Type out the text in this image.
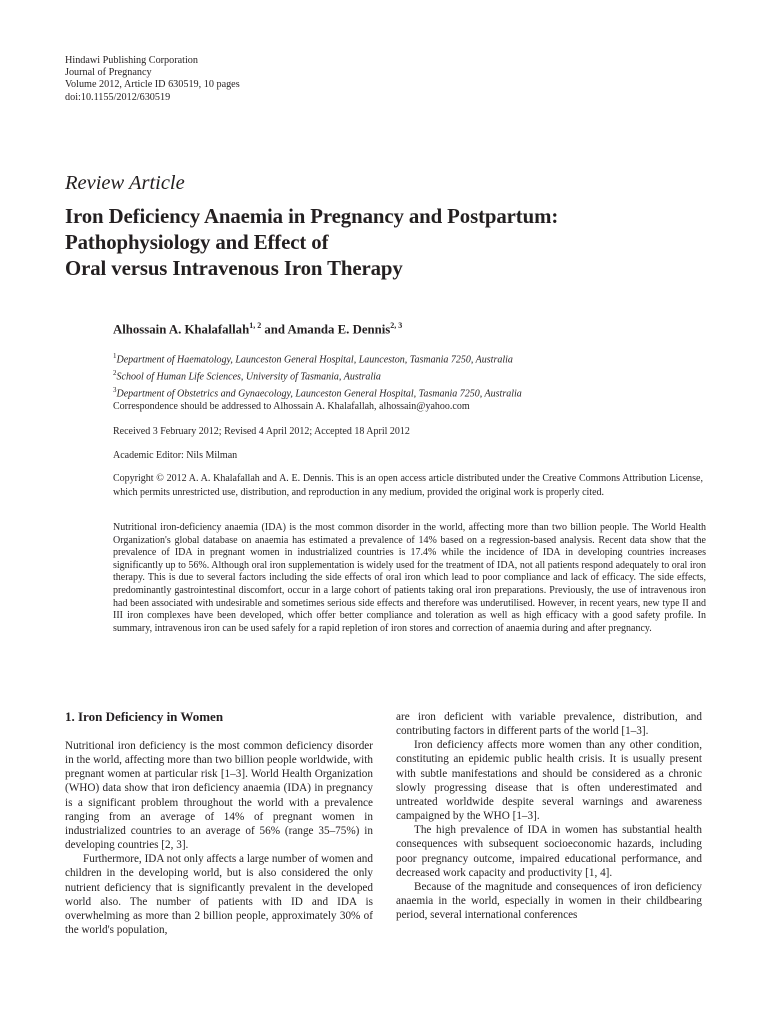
Hindawi Publishing Corporation
Journal of Pregnancy
Volume 2012, Article ID 630519, 10 pages
doi:10.1155/2012/630519
Review Article
Iron Deficiency Anaemia in Pregnancy and Postpartum:
Pathophysiology and Effect of
Oral versus Intravenous Iron Therapy
Alhossain A. Khalafallah$^{1, 2}$ and Amanda E. Dennis$^{2, 3}$
$^1$Department of Haematology, Launceston General Hospital, Launceston, Tasmania 7250, Australia
$^2$School of Human Life Sciences, University of Tasmania, Australia
$^3$Department of Obstetrics and Gynaecology, Launceston General Hospital, Tasmania 7250, Australia
Correspondence should be addressed to Alhossain A. Khalafallah, alhossain@yahoo.com
Received 3 February 2012; Revised 4 April 2012; Accepted 18 April 2012
Academic Editor: Nils Milman
Copyright © 2012 A. A. Khalafallah and A. E. Dennis. This is an open access article distributed under the Creative Commons Attribution License, which permits unrestricted use, distribution, and reproduction in any medium, provided the original work is properly cited.
Nutritional iron-deficiency anaemia (IDA) is the most common disorder in the world, affecting more than two billion people. The World Health Organization's global database on anaemia has estimated a prevalence of 14% based on a regression-based analysis. Recent data show that the prevalence of IDA in pregnant women in industrialized countries is 17.4% while the incidence of IDA in developing countries increases significantly up to 56%. Although oral iron supplementation is widely used for the treatment of IDA, not all patients respond adequately to oral iron therapy. This is due to several factors including the side effects of oral iron which lead to poor compliance and lack of efficacy. The side effects, predominantly gastrointestinal discomfort, occur in a large cohort of patients taking oral iron preparations. Previously, the use of intravenous iron had been associated with undesirable and sometimes serious side effects and therefore was underutilised. However, in recent years, new type II and III iron complexes have been developed, which offer better compliance and toleration as well as high efficacy with a good safety profile. In summary, intravenous iron can be used safely for a rapid repletion of iron stores and correction of anaemia during and after pregnancy.
1. Iron Deficiency in Women

Nutritional iron deficiency is the most common deficiency disorder in the world, affecting more than two billion people worldwide, with pregnant women at particular risk [1–3]. World Health Organization (WHO) data show that iron deficiency anaemia (IDA) in pregnancy is a significant problem throughout the world with a prevalence ranging from an average of 14% of pregnant women in industrialized countries to an average of 56% (range 35–75%) in developing countries [2, 3].

Furthermore, IDA not only affects a large number of women and children in the developing world, but is also considered the only nutrient deficiency that is significantly prevalent in the developed world also. The number of patients with ID and IDA is overwhelming as more than 2 billion people, approximately 30% of the world's population,

are iron deficient with variable prevalence, distribution, and contributing factors in different parts of the world [1–3].

Iron deficiency affects more women than any other condition, constituting an epidemic public health crisis. It is usually present with subtle manifestations and should be considered as a chronic slowly progressing disease that is often underestimated and untreated worldwide despite several warnings and awareness campaigned by the WHO [1–3].

The high prevalence of IDA in women has substantial health consequences with subsequent socioeconomic hazards, including poor pregnancy outcome, impaired educational performance, and decreased work capacity and productivity [1, 4].

Because of the magnitude and consequences of iron deficiency anaemia in the world, especially in women in their childbearing period, several international conferences
